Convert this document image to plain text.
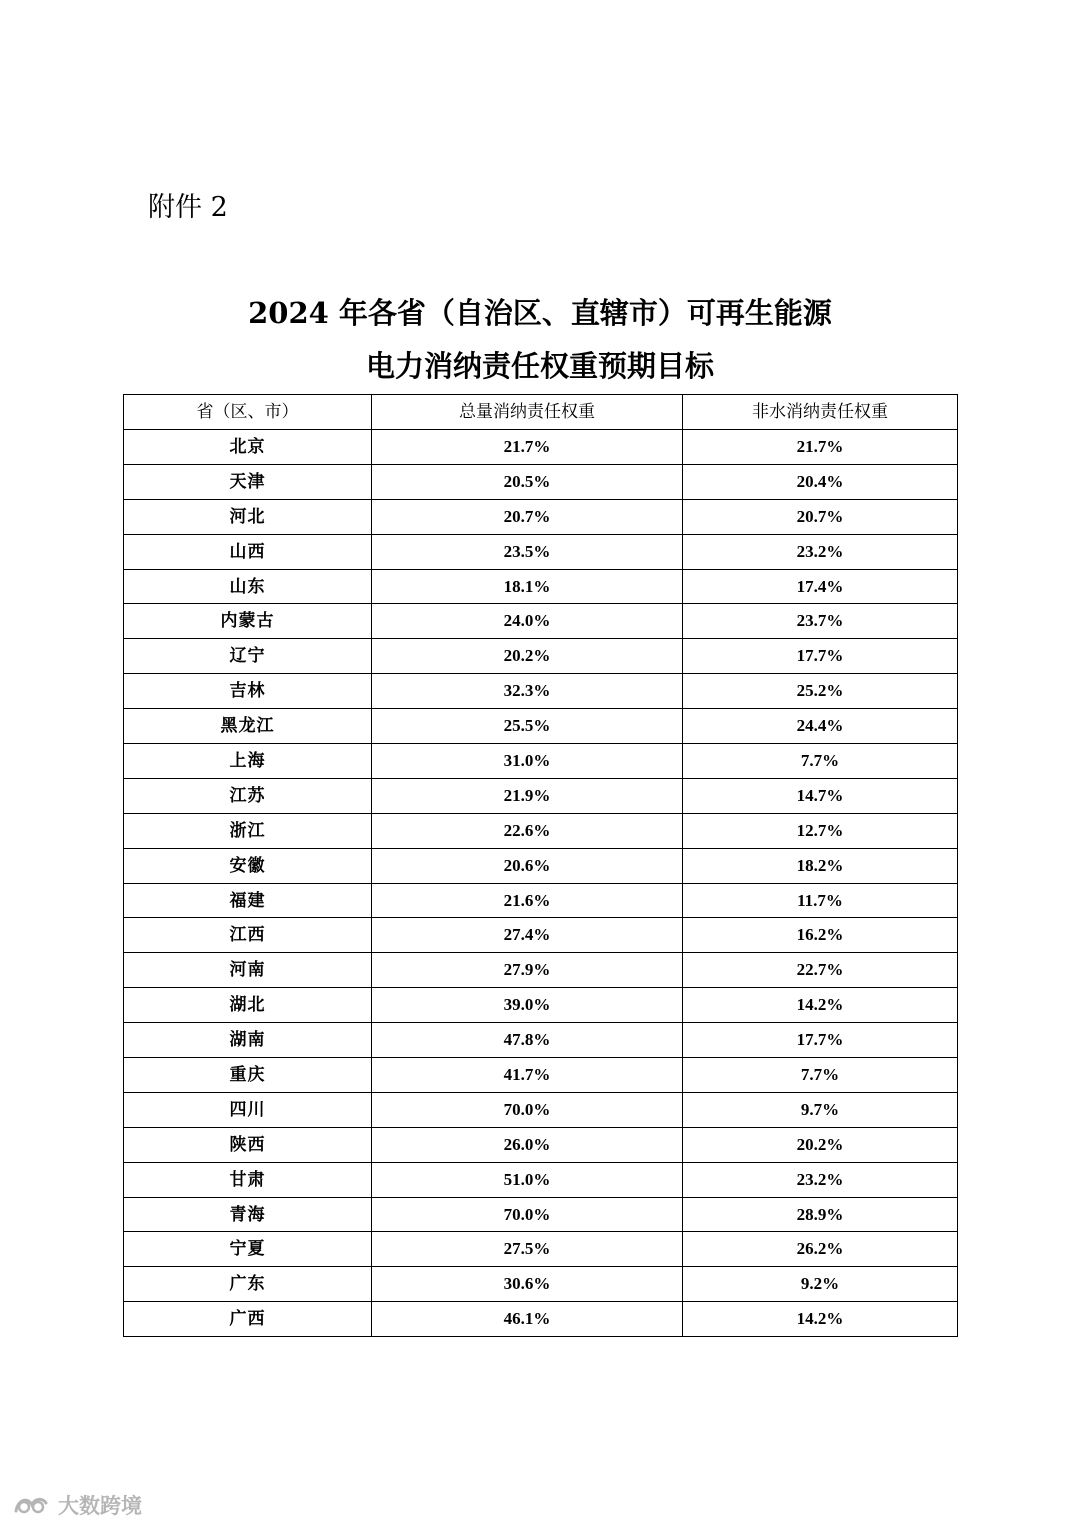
附件 2
2024 年各省（自治区、直辖市）可再生能源
电力消纳责任权重预期目标
省（区、市）	总量消纳责任权重	非水消纳责任权重
北京	21.7%	21.7%
天津	20.5%	20.4%
河北	20.7%	20.7%
山西	23.5%	23.2%
山东	18.1%	17.4%
内蒙古	24.0%	23.7%
辽宁	20.2%	17.7%
吉林	32.3%	25.2%
黑龙江	25.5%	24.4%
上海	31.0%	7.7%
江苏	21.9%	14.7%
浙江	22.6%	12.7%
安徽	20.6%	18.2%
福建	21.6%	11.7%
江西	27.4%	16.2%
河南	27.9%	22.7%
湖北	39.0%	14.2%
湖南	47.8%	17.7%
重庆	41.7%	7.7%
四川	70.0%	9.7%
陕西	26.0%	20.2%
甘肃	51.0%	23.2%
青海	70.0%	28.9%
宁夏	27.5%	26.2%
广东	30.6%	9.2%
广西	46.1%	14.2%
大数跨境
